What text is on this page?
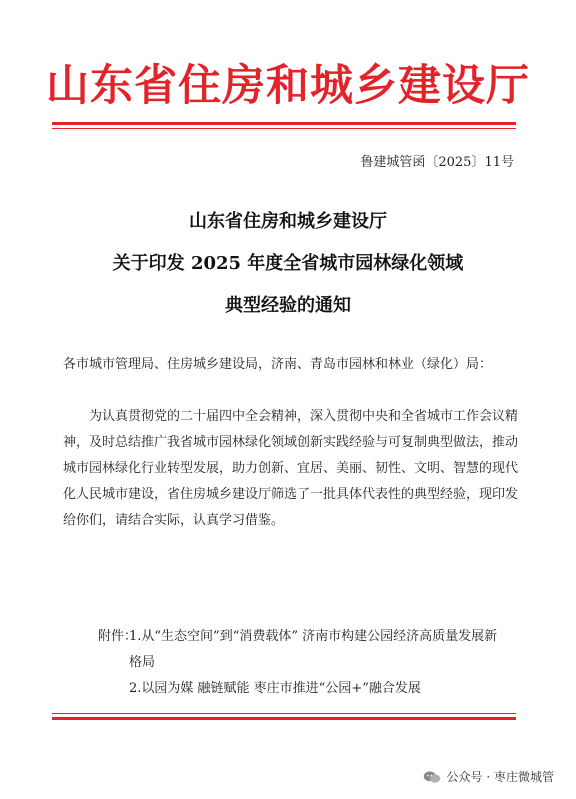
山东省住房和城乡建设厅
鲁建城管函〔2025〕11号
山东省住房和城乡建设厅
关于印发 2025 年度全省城市园林绿化领域
典型经验的通知
各市城市管理局、住房城乡建设局，济南、青岛市园林和林业（绿化）局：
为认真贯彻党的二十届四中全会精神，深入贯彻中央和全省城市工作会议精神，及时总结推广我省城市园林绿化领域创新实践经验与可复制典型做法，推动城市园林绿化行业转型发展，助力创新、宜居、美丽、韧性、文明、智慧的现代化人民城市建设，省住房城乡建设厅筛选了一批具体代表性的典型经验，现印发给你们，请结合实际，认真学习借鉴。
附件：
1.从“生态空间”到“消费载体” 济南市构建公园经济高质量发展新格局
2.以园为媒 融链赋能 枣庄市推进“公园+”融合发展
公众号 · 枣庄微城管
